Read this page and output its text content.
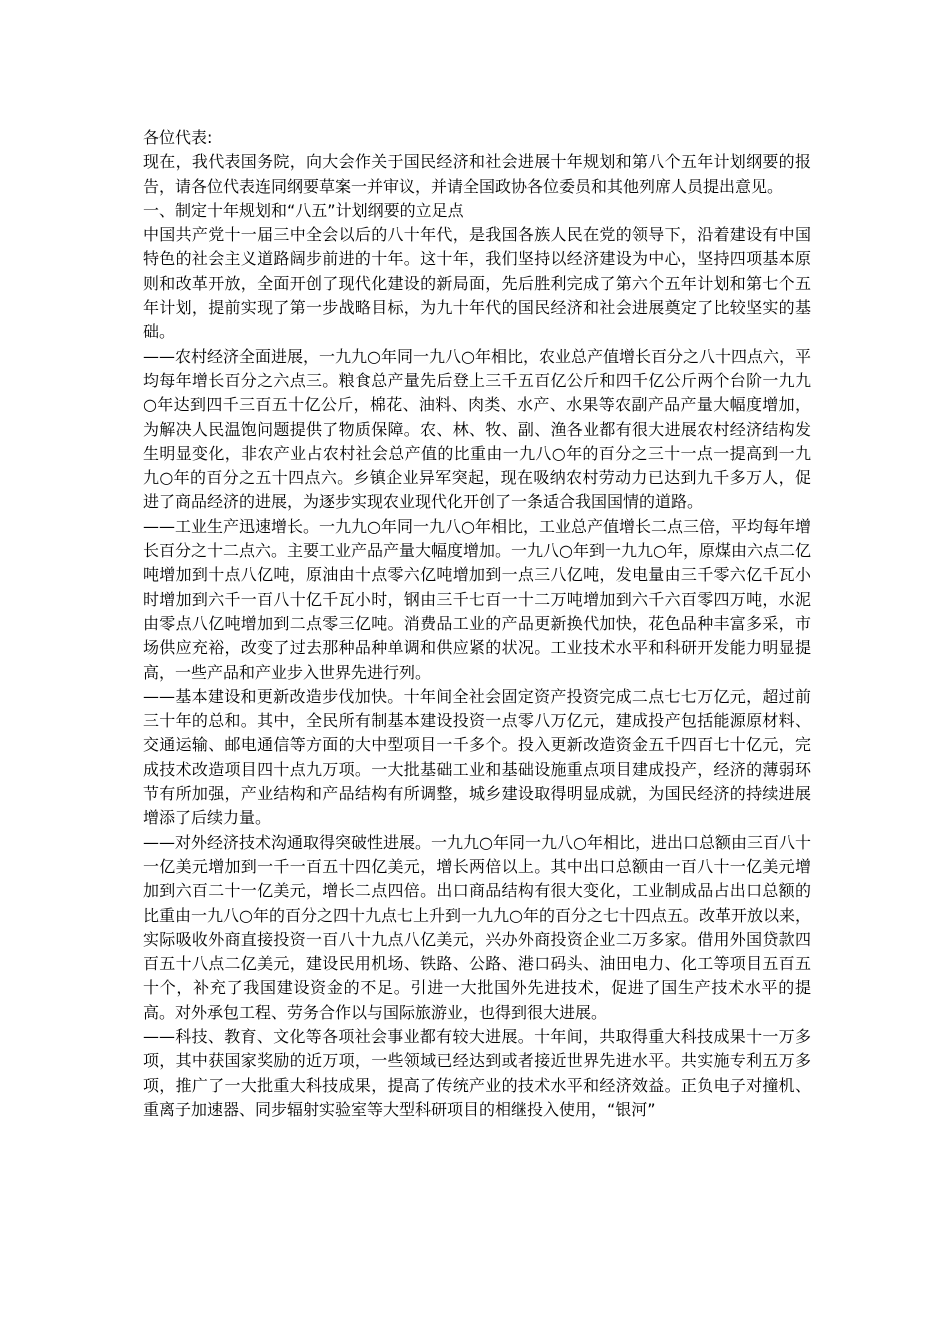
各位代表:

现在，我代表国务院，向大会作关于国民经济和社会进展十年规划和第八个五年计划纲要的报告，请各位代表连同纲要草案一并审议，并请全国政协各位委员和其他列席人员提出意见。

一、制定十年规划和“八五”计划纲要的立足点

中国共产党十一届三中全会以后的八十年代，是我国各族人民在党的领导下，沿着建设有中国特色的社会主义道路阔步前进的十年。这十年，我们坚持以经济建设为中心，坚持四项基本原则和改革开放，全面开创了现代化建设的新局面，先后胜利完成了第六个五年计划和第七个五年计划，提前实现了第一步战略目标，为九十年代的国民经济和社会进展奠定了比较坚实的基础。

——农村经济全面进展，一九九○年同一九八○年相比，农业总产值增长百分之八十四点六，平均每年增长百分之六点三。粮食总产量先后登上三千五百亿公斤和四千亿公斤两个台阶一九九○年达到四千三百五十亿公斤，棉花、油料、肉类、水产、水果等农副产品产量大幅度增加，为解决人民温饱问题提供了物质保障。农、林、牧、副、渔各业都有很大进展农村经济结构发生明显变化，非农产业占农村社会总产值的比重由一九八○年的百分之三十一点一提高到一九九○年的百分之五十四点六。乡镇企业异军突起，现在吸纳农村劳动力已达到九千多万人，促进了商品经济的进展，为逐步实现农业现代化开创了一条适合我国国情的道路。

——工业生产迅速增长。一九九○年同一九八○年相比，工业总产值增长二点三倍，平均每年增长百分之十二点六。主要工业产品产量大幅度增加。一九八○年到一九九○年，原煤由六点二亿吨增加到十点八亿吨，原油由十点零六亿吨增加到一点三八亿吨，发电量由三千零六亿千瓦小时增加到六千一百八十亿千瓦小时，钢由三千七百一十二万吨增加到六千六百零四万吨，水泥由零点八亿吨增加到二点零三亿吨。消费品工业的产品更新换代加快，花色品种丰富多采，市场供应充裕，改变了过去那种品种单调和供应紧的状况。工业技术水平和科研开发能力明显提高，一些产品和产业步入世界先进行列。

——基本建设和更新改造步伐加快。十年间全社会固定资产投资完成二点七七万亿元，超过前三十年的总和。其中，全民所有制基本建设投资一点零八万亿元，建成投产包括能源原材料、交通运输、邮电通信等方面的大中型项目一千多个。投入更新改造资金五千四百七十亿元，完成技术改造项目四十点九万项。一大批基础工业和基础设施重点项目建成投产，经济的薄弱环节有所加强，产业结构和产品结构有所调整，城乡建设取得明显成就，为国民经济的持续进展增添了后续力量。

——对外经济技术沟通取得突破性进展。一九九○年同一九八○年相比，进出口总额由三百八十一亿美元增加到一千一百五十四亿美元，增长两倍以上。其中出口总额由一百八十一亿美元增加到六百二十一亿美元，增长二点四倍。出口商品结构有很大变化，工业制成品占出口总额的比重由一九八○年的百分之四十九点七上升到一九九○年的百分之七十四点五。改革开放以来，实际吸收外商直接投资一百八十九点八亿美元，兴办外商投资企业二万多家。借用外国贷款四百五十八点二亿美元，建设民用机场、铁路、公路、港口码头、油田电力、化工等项目五百五十个，补充了我国建设资金的不足。引进一大批国外先进技术，促进了国生产技术水平的提高。对外承包工程、劳务合作以与国际旅游业，也得到很大进展。

——科技、教育、文化等各项社会事业都有较大进展。十年间，共取得重大科技成果十一万多项，其中获国家奖励的近万项，一些领域已经达到或者接近世界先进水平。共实施专利五万多项，推广了一大批重大科技成果，提高了传统产业的技术水平和经济效益。正负电子对撞机、重离子加速器、同步辐射实验室等大型科研项目的相继投入使用，“银河”
